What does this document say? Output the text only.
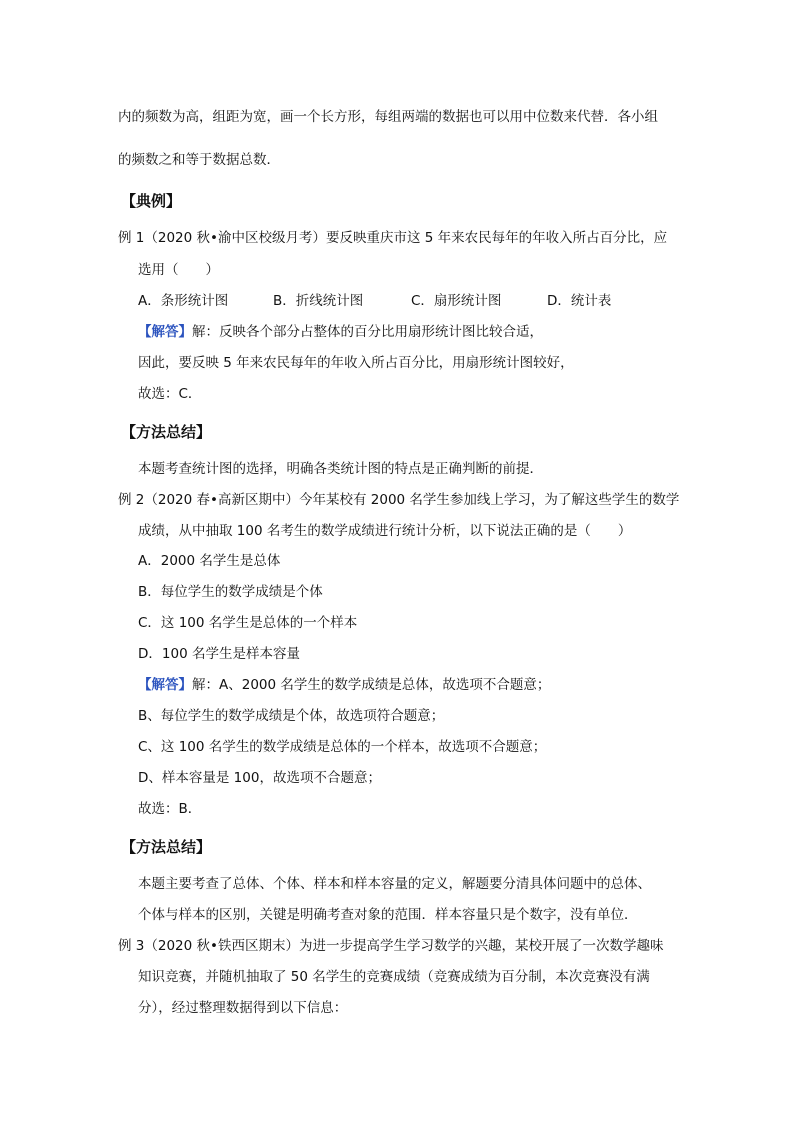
内的频数为高，组距为宽，画一个长方形，每组两端的数据也可以用中位数来代替．各小组
的频数之和等于数据总数．
【典例】
例 1（2020 秋•渝中区校级月考）要反映重庆市这 5 年来农民每年的年收入所占百分比，应
选用（　　）
A．条形统计图	B．折线统计图	C．扇形统计图	D．统计表
【解答】解：反映各个部分占整体的百分比用扇形统计图比较合适，
因此，要反映 5 年来农民每年的年收入所占百分比，用扇形统计图较好，
故选：C．
【方法总结】
本题考查统计图的选择，明确各类统计图的特点是正确判断的前提．
例 2（2020 春•高新区期中）今年某校有 2000 名学生参加线上学习，为了解这些学生的数学
成绩，从中抽取 100 名考生的数学成绩进行统计分析，以下说法正确的是（　　）
A．2000 名学生是总体
B．每位学生的数学成绩是个体
C．这 100 名学生是总体的一个样本
D．100 名学生是样本容量
【解答】解：A、2000 名学生的数学成绩是总体，故选项不合题意；
B、每位学生的数学成绩是个体，故选项符合题意；
C、这 100 名学生的数学成绩是总体的一个样本，故选项不合题意；
D、样本容量是 100，故选项不合题意；
故选：B．
【方法总结】
本题主要考查了总体、个体、样本和样本容量的定义，解题要分清具体问题中的总体、
个体与样本的区别，关键是明确考查对象的范围．样本容量只是个数字，没有单位．
例 3（2020 秋•铁西区期末）为进一步提高学生学习数学的兴趣，某校开展了一次数学趣味
知识竞赛，并随机抽取了 50 名学生的竞赛成绩（竞赛成绩为百分制，本次竞赛没有满
分），经过整理数据得到以下信息：
